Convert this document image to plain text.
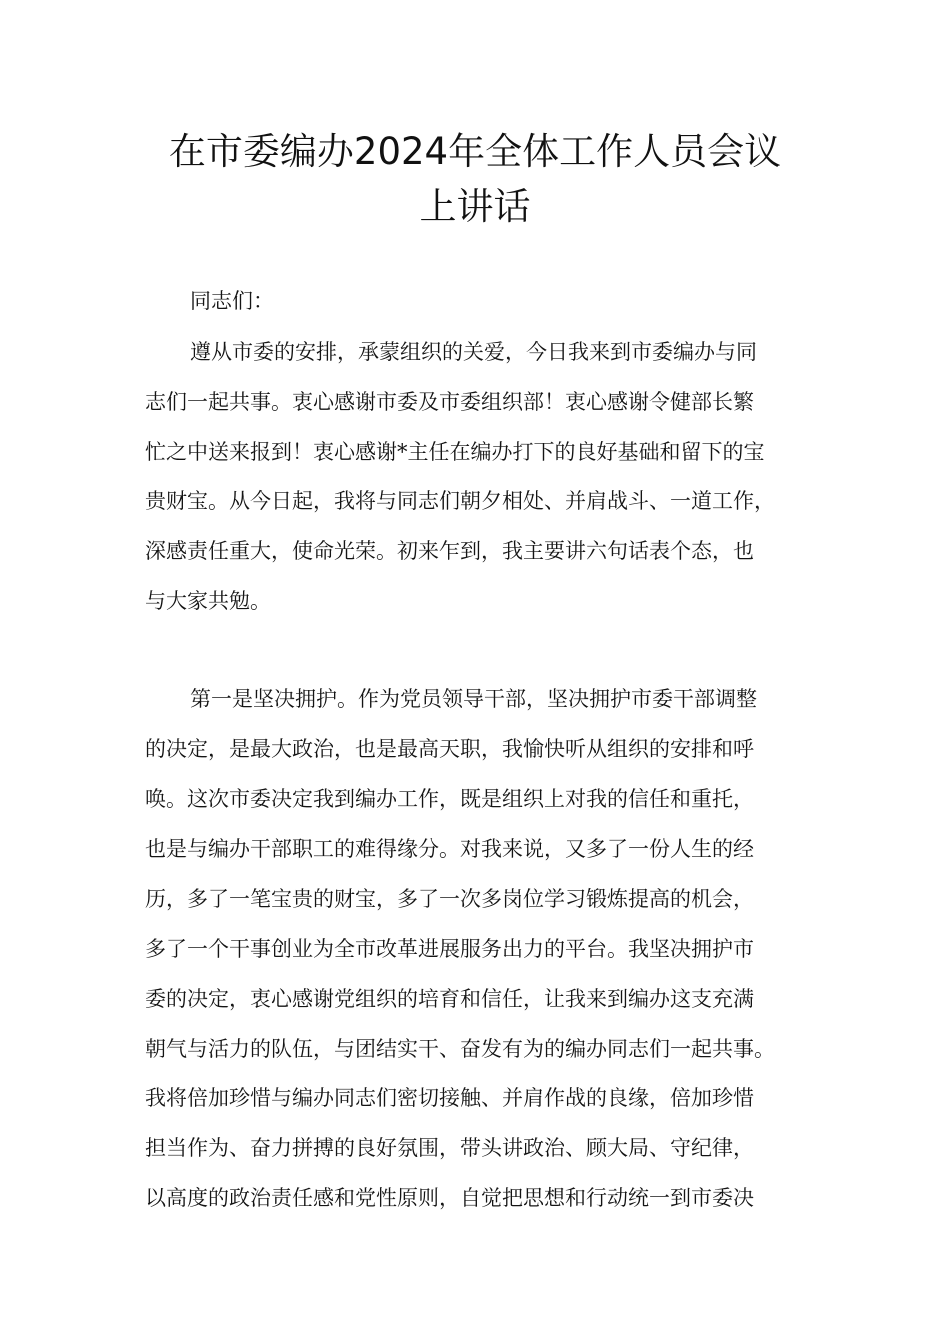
在市委编办2024年全体工作人员会议
上讲话
同志们：
遵从市委的安排，承蒙组织的关爱，今日我来到市委编办与同
志们一起共事。衷心感谢市委及市委组织部！衷心感谢令健部长繁
忙之中送来报到！衷心感谢*主任在编办打下的良好基础和留下的宝
贵财宝。从今日起，我将与同志们朝夕相处、并肩战斗、一道工作，
深感责任重大，使命光荣。初来乍到，我主要讲六句话表个态，也
与大家共勉。
第一是坚决拥护。作为党员领导干部，坚决拥护市委干部调整
的决定，是最大政治，也是最高天职，我愉快听从组织的安排和呼
唤。这次市委决定我到编办工作，既是组织上对我的信任和重托，
也是与编办干部职工的难得缘分。对我来说，又多了一份人生的经
历，多了一笔宝贵的财宝，多了一次多岗位学习锻炼提高的机会，
多了一个干事创业为全市改革进展服务出力的平台。我坚决拥护市
委的决定，衷心感谢党组织的培育和信任，让我来到编办这支充满
朝气与活力的队伍，与团结实干、奋发有为的编办同志们一起共事。
我将倍加珍惜与编办同志们密切接触、并肩作战的良缘，倍加珍惜
担当作为、奋力拼搏的良好氛围，带头讲政治、顾大局、守纪律，
以高度的政治责任感和党性原则，自觉把思想和行动统一到市委决
